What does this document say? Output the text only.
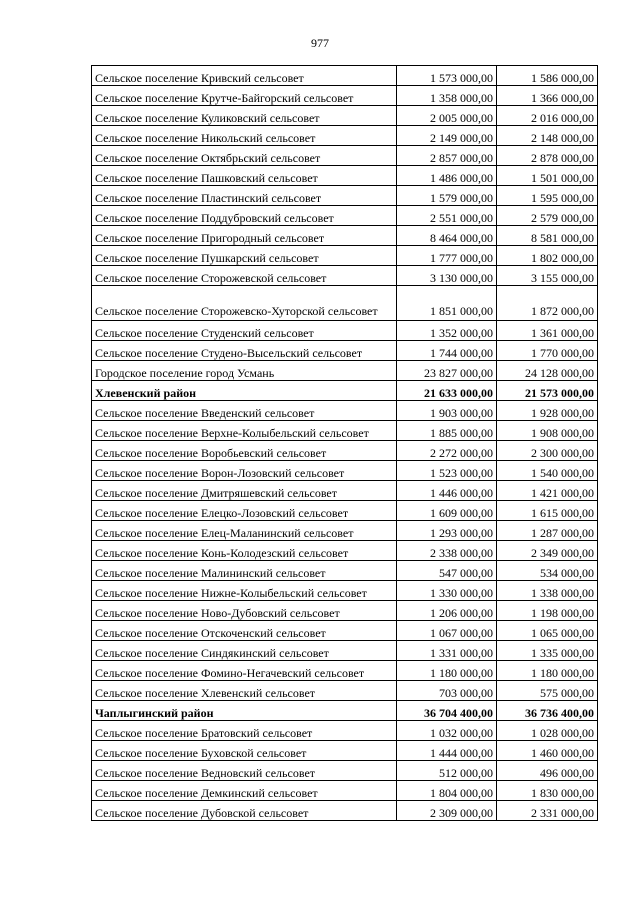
977
Сельское поселение Кривский сельсовет	1 573 000,00	1 586 000,00
Сельское поселение Крутче-Байгорский сельсовет	1 358 000,00	1 366 000,00
Сельское поселение Куликовский сельсовет	2 005 000,00	2 016 000,00
Сельское поселение Никольский сельсовет	2 149 000,00	2 148 000,00
Сельское поселение Октябрьский сельсовет	2 857 000,00	2 878 000,00
Сельское поселение Пашковский сельсовет	1 486 000,00	1 501 000,00
Сельское поселение Пластинский сельсовет	1 579 000,00	1 595 000,00
Сельское поселение Поддубровский сельсовет	2 551 000,00	2 579 000,00
Сельское поселение Пригородный сельсовет	8 464 000,00	8 581 000,00
Сельское поселение Пушкарский сельсовет	1 777 000,00	1 802 000,00
Сельское поселение Сторожевской сельсовет	3 130 000,00	3 155 000,00
Сельское поселение Сторожевско-Хуторской сельсовет	1 851 000,00	1 872 000,00
Сельское поселение Студенский сельсовет	1 352 000,00	1 361 000,00
Сельское поселение Студено-Высельский сельсовет	1 744 000,00	1 770 000,00
Городское поселение город Усмань	23 827 000,00	24 128 000,00
Хлевенский район	21 633 000,00	21 573 000,00
Сельское поселение Введенский сельсовет	1 903 000,00	1 928 000,00
Сельское поселение Верхне-Колыбельский сельсовет	1 885 000,00	1 908 000,00
Сельское поселение Воробьевский сельсовет	2 272 000,00	2 300 000,00
Сельское поселение Ворон-Лозовский сельсовет	1 523 000,00	1 540 000,00
Сельское поселение Дмитряшевский сельсовет	1 446 000,00	1 421 000,00
Сельское поселение Елецко-Лозовский сельсовет	1 609 000,00	1 615 000,00
Сельское поселение Елец-Маланинский сельсовет	1 293 000,00	1 287 000,00
Сельское поселение Конь-Колодезский сельсовет	2 338 000,00	2 349 000,00
Сельское поселение Малининский сельсовет	547 000,00	534 000,00
Сельское поселение Нижне-Колыбельский сельсовет	1 330 000,00	1 338 000,00
Сельское поселение Ново-Дубовский сельсовет	1 206 000,00	1 198 000,00
Сельское поселение Отскоченский сельсовет	1 067 000,00	1 065 000,00
Сельское поселение Синдякинский сельсовет	1 331 000,00	1 335 000,00
Сельское поселение Фомино-Негачевский сельсовет	1 180 000,00	1 180 000,00
Сельское поселение Хлевенский сельсовет	703 000,00	575 000,00
Чаплыгинский район	36 704 400,00	36 736 400,00
Сельское поселение Братовский сельсовет	1 032 000,00	1 028 000,00
Сельское поселение Буховской сельсовет	1 444 000,00	1 460 000,00
Сельское поселение Ведновский сельсовет	512 000,00	496 000,00
Сельское поселение Демкинский сельсовет	1 804 000,00	1 830 000,00
Сельское поселение Дубовской сельсовет	2 309 000,00	2 331 000,00
